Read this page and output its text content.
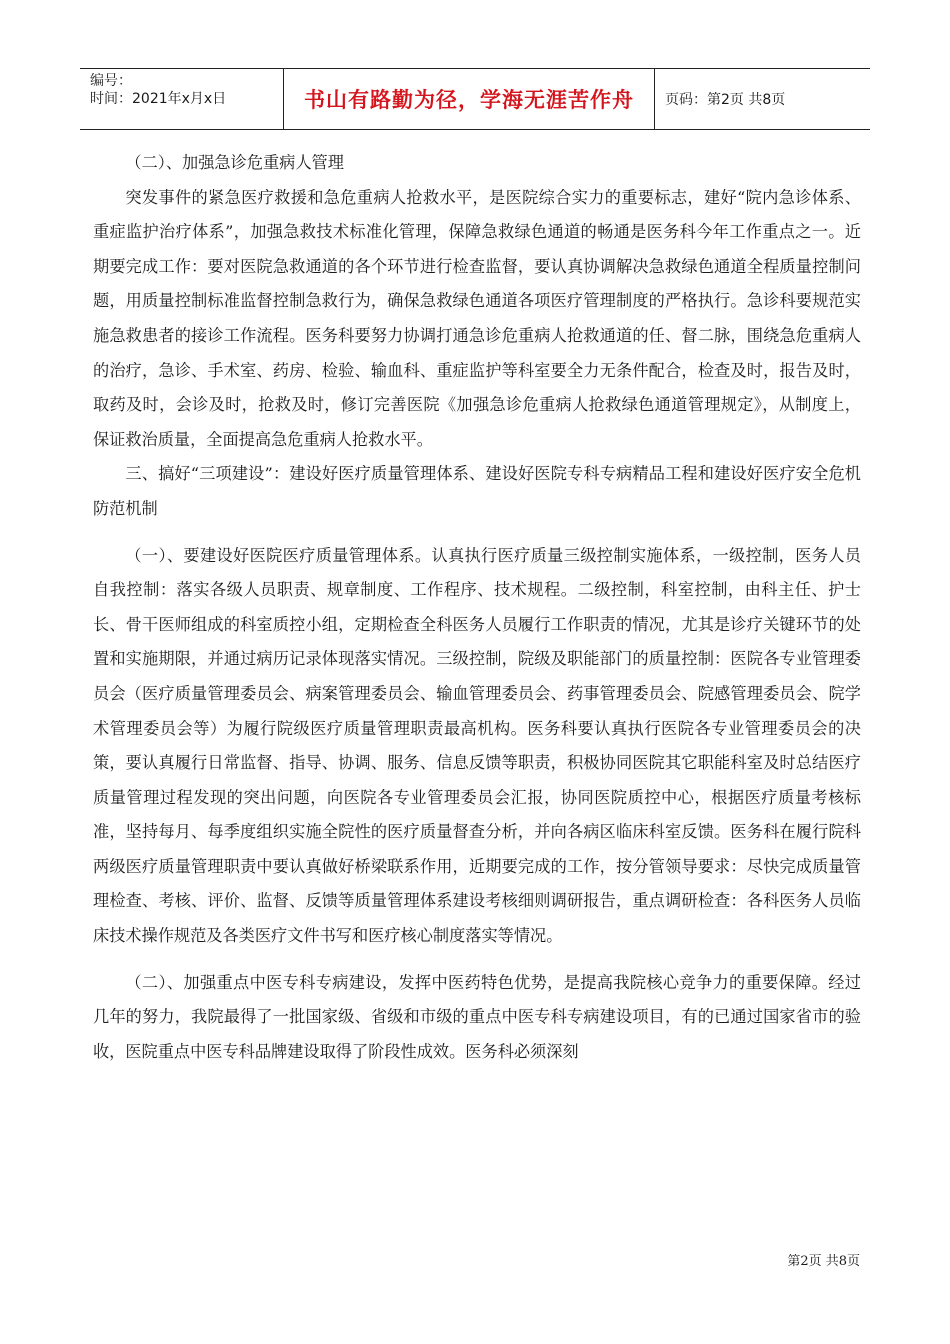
编号：
时间：2021年x月x日	书山有路勤为径，学海无涯苦作舟	页码：第2页 共8页

（二）、加强急诊危重病人管理

突发事件的紧急医疗救援和急危重病人抢救水平，是医院综合实力的重要标志，建好“院内急诊体系、重症监护治疗体系”，加强急救技术标准化管理，保障急救绿色通道的畅通是医务科今年工作重点之一。近期要完成工作：要对医院急救通道的各个环节进行检查监督，要认真协调解决急救绿色通道全程质量控制问题，用质量控制标准监督控制急救行为，确保急救绿色通道各项医疗管理制度的严格执行。急诊科要规范实施急救患者的接诊工作流程。医务科要努力协调打通急诊危重病人抢救通道的任、督二脉，围绕急危重病人的治疗，急诊、手术室、药房、检验、输血科、重症监护等科室要全力无条件配合，检查及时，报告及时，取药及时，会诊及时，抢救及时，修订完善医院《加强急诊危重病人抢救绿色通道管理规定》，从制度上，保证救治质量，全面提高急危重病人抢救水平。

三、搞好“三项建设”：建设好医疗质量管理体系、建设好医院专科专病精品工程和建设好医疗安全危机防范机制

（一）、要建设好医院医疗质量管理体系。认真执行医疗质量三级控制实施体系，一级控制，医务人员自我控制：落实各级人员职责、规章制度、工作程序、技术规程。二级控制，科室控制，由科主任、护士长、骨干医师组成的科室质控小组，定期检查全科医务人员履行工作职责的情况，尤其是诊疗关键环节的处置和实施期限，并通过病历记录体现落实情况。三级控制，院级及职能部门的质量控制：医院各专业管理委员会（医疗质量管理委员会、病案管理委员会、输血管理委员会、药事管理委员会、院感管理委员会、院学术管理委员会等）为履行院级医疗质量管理职责最高机构。医务科要认真执行医院各专业管理委员会的决策，要认真履行日常监督、指导、协调、服务、信息反馈等职责，积极协同医院其它职能科室及时总结医疗质量管理过程发现的突出问题，向医院各专业管理委员会汇报，协同医院质控中心，根据医疗质量考核标准，坚持每月、每季度组织实施全院性的医疗质量督查分析，并向各病区临床科室反馈。医务科在履行院科两级医疗质量管理职责中要认真做好桥梁联系作用，近期要完成的工作，按分管领导要求：尽快完成质量管理检查、考核、评价、监督、反馈等质量管理体系建设考核细则调研报告，重点调研检查：各科医务人员临床技术操作规范及各类医疗文件书写和医疗核心制度落实等情况。

（二）、加强重点中医专科专病建设，发挥中医药特色优势，是提高我院核心竞争力的重要保障。经过几年的努力，我院最得了一批国家级、省级和市级的重点中医专科专病建设项目，有的已通过国家省市的验收，医院重点中医专科品牌建设取得了阶段性成效。医务科必须深刻

第2页 共8页
